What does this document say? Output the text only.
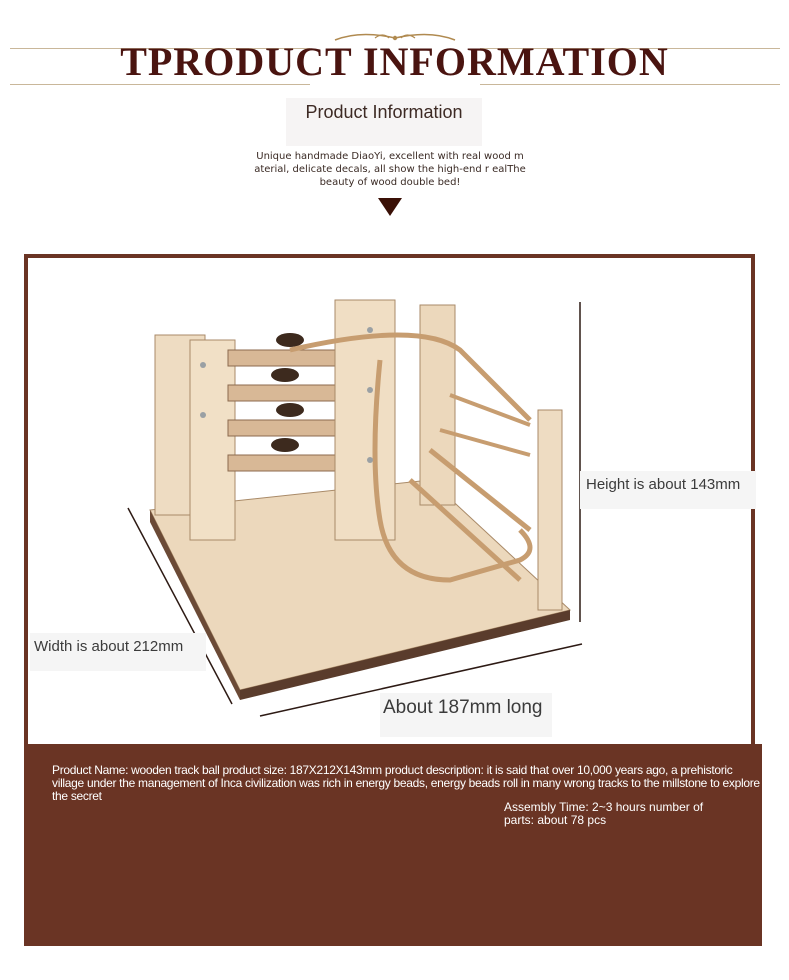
TPRODUCT INFORMATION
Product Information
Unique handmade DiaoYi, excellent with real wood m aterial, delicate decals, all show the high-end r ealThe beauty of wood double bed!
Height is about 143mm
Width is about 212mm
About 187mm long
Product Name: wooden track ball product size: 187X212X143mm product description: it is said that over 10,000 years ago, a prehistoric village under the management of Inca civilization was rich in energy beads, energy beads roll in many wrong tracks to the millstone to explore the secret
Assembly Time: 2~3 hours number of parts: about 78 pcs
